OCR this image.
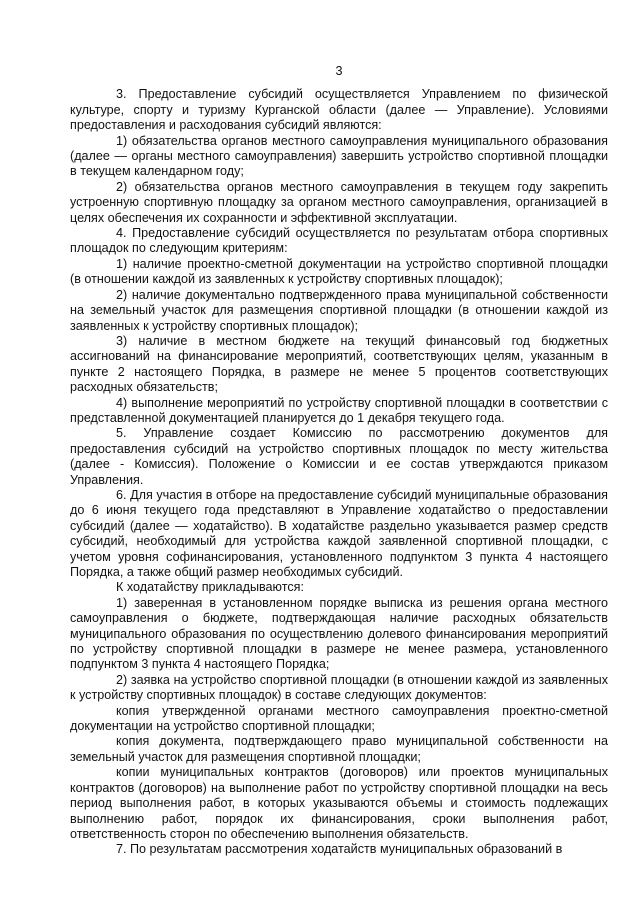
3

3. Предоставление субсидий осуществляется Управлением по физической культуре, спорту и туризму Курганской области (далее — Управление). Условиями предоставления и расходования субсидий являются:

1) обязательства органов местного самоуправления муниципального образования (далее — органы местного самоуправления) завершить устройство спортивной площадки в текущем календарном году;

2) обязательства органов местного самоуправления в текущем году закрепить устроенную спортивную площадку за органом местного самоуправления, организацией в целях обеспечения их сохранности и эффективной эксплуатации.

4. Предоставление субсидий осуществляется по результатам отбора спортивных площадок по следующим критериям:

1) наличие проектно-сметной документации на устройство спортивной площадки (в отношении каждой из заявленных к устройству спортивных площадок);

2) наличие документально подтвержденного права муниципальной собственности на земельный участок для размещения спортивной площадки (в отношении каждой из заявленных к устройству спортивных площадок);

3) наличие в местном бюджете на текущий финансовый год бюджетных ассигнований на финансирование мероприятий, соответствующих целям, указанным в пункте 2 настоящего Порядка, в размере не менее 5 процентов соответствующих расходных обязательств;

4) выполнение мероприятий по устройству спортивной площадки в соответствии с представленной документацией планируется до 1 декабря текущего года.

5. Управление создает Комиссию по рассмотрению документов для предоставления субсидий на устройство спортивных площадок по месту жительства (далее - Комиссия). Положение о Комиссии и ее состав утверждаются приказом Управления.

6. Для участия в отборе на предоставление субсидий муниципальные образования до 6 июня текущего года представляют в Управление ходатайство о предоставлении субсидий (далее — ходатайство). В ходатайстве раздельно указывается размер средств субсидий, необходимый для устройства каждой заявленной спортивной площадки, с учетом уровня софинансирования, установленного подпунктом 3 пункта 4 настоящего Порядка, а также общий размер необходимых субсидий.

К ходатайству прикладываются:

1) заверенная в установленном порядке выписка из решения органа местного самоуправления о бюджете, подтверждающая наличие расходных обязательств муниципального образования по осуществлению долевого финансирования мероприятий по устройству спортивной площадки в размере не менее размера, установленного подпунктом 3 пункта 4 настоящего Порядка;

2) заявка на устройство спортивной площадки (в отношении каждой из заявленных к устройству спортивных площадок) в составе следующих документов:

копия утвержденной органами местного самоуправления проектно-сметной документации на устройство спортивной площадки;

копия документа, подтверждающего право муниципальной собственности на земельный участок для размещения спортивной площадки;

копии муниципальных контрактов (договоров) или проектов муниципальных контрактов (договоров) на выполнение работ по устройству спортивной площадки на весь период выполнения работ, в которых указываются объемы и стоимость подлежащих выполнению работ, порядок их финансирования, сроки выполнения работ, ответственность сторон по обеспечению выполнения обязательств.

7. По результатам рассмотрения ходатайств муниципальных образований в
